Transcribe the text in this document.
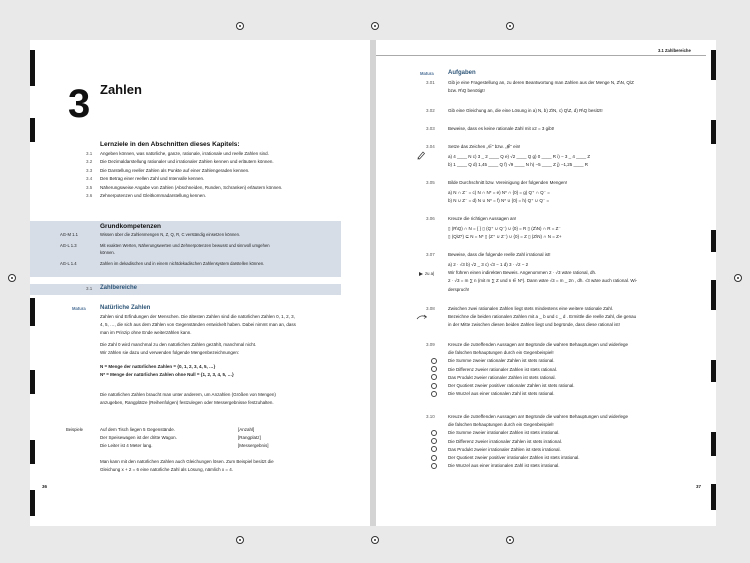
3 Zahlen
Lernziele in den Abschnitten dieses Kapitels:
3.1 Angeben können, was natürliche, ganze, rationale, irrationale und reelle Zahlen sind.
3.2 Die Dezimaldarstellung rationaler und irrationaler Zahlen kennen und erläutern können.
3.3 Die Darstellung reeller Zahlen als Punkte auf einer Zahlengeraden kennen.
3.4 Den Betrag einer reellen Zahl und Intervalle kennen.
3.5 Näherungsweise Angabe von Zahlen (Abschneiden, Runden, Schranken) erläutern können.
3.6 Zehnerpotenzen und Gleitkommadarstellung kennen.
Grundkompetenzen
AG-M 1.1	Wissen über die Zahlenmengen N, Z, Q, R, C verständig einsetzen können.
AG-L 1.3	Mit exakten Werten, Näherungswerten und Zehnerpotenzen bewusst und sinnvoll umgehen
können.
AG-L 1.4	Zahlen im dekadischen und in einem nichtdekadischen Zahlensystem darstellen können.
3.1 Zahlbereiche
Matura Natürliche Zahlen
Zahlen sind Erfindungen der Menschen. Die ältesten Zahlen sind die natürlichen Zahlen 0, 1, 2, 3,
4, 5, …, die sich aus dem Zählen von Gegenständen entwickelt haben. Dabei nimmt man an, dass
man im Prinzip ohne Ende weiterzählen kann.
Die Zahl 0 wird manchmal zu den natürlichen Zahlen gezählt, manchmal nicht.
Wir zählen sie dazu und verwenden folgende Mengenbezeichnungen:
N = Menge der natürlichen Zahlen = {0, 1, 2, 3, 4, 5, …}
N* = Menge der natürlichen Zahlen ohne Null = {1, 2, 3, 4, 5, …}
Die natürlichen Zahlen braucht man unter anderem, um Anzahlen (Größen von Mengen)
anzugeben, Rangplätze (Reihenfolgen) festzulegen oder Messergebnisse festzuhalten.
Beispiele	Auf dem Tisch liegen 5 Gegenstände.	[Anzahl]
Der Speisewagen ist der dritte Wagon.	[Rangplatz]
Die Leiter ist 4 Meter lang.	[Messergebnis]
Man kann mit den natürlichen Zahlen auch Gleichungen lösen. Zum Beispiel besitzt die
Gleichung x + 2 = 6 eine natürliche Zahl als Lösung, nämlich x = 4.
36
3.1 Zahlbereiche
Matura Aufgaben
3.01	Gib je eine Fragestellung an, zu deren Beantwortung man Zahlen aus der Menge N, Z\N, Q\Z
bzw. R\Q benötigt!
3.02	Gib eine Gleichung an, die eine Lösung in a) N, b) Z\N, c) Q\Z, d) R\Q besitzt!
3.03	Beweise, dass es keine rationale Zahl mit x2 = 3 gibt!
3.04	Setze das Zeichen „∈“ bzw. „∉“ ein!
a) 4 ____ N c) 3 _ 2 ____ Q e) √2 ____ Q g) 0 ____ R i) − 3 _ 4 ____ Z
b) 1 ____ Q d) 1,45 ____ Q f) √9 ____ N h) −5 ____ Z j) −1,25 ____ R
3.05	Bilde Durchschnitt bzw. Vereinigung der folgenden Mengen!
a) N ∩ Z⁻ = c) N ∩ N* = e) N* ∩ {0} = g) Q⁺ ∩ Q⁻ =
b) N ∪ Z⁻ = d) N ∪ N* = f) N* ∪ {0} = h) Q⁺ ∪ Q⁻ =
3.06	Kreuze die richtigen Aussagen an!
▯ (R\Q) ∩ N = { } ▯ (Q⁺ ∪ Q⁻) ∪ {0} = R ▯ (Z\N) ∩ R = Z⁻
▯ (Q\Z*) ⊆ N = N* ▯ (Z⁺ ∪ Z⁻) ∪ {0} = Z ▯ (Z\N) ∩ N = Z+
3.07	Beweise, dass die folgende reelle Zahl irrational ist!
a) 2 · √3 b) √2 _ 3 c) √3 − 1 d) 3 · √2 − 2
Wir führen einen indirekten Beweis. Angenommen 2 · √3 wäre rational, dh.
2 · √3 = m ∑ n (mit m ∑ Z und n ∈ N*). Dann wäre √3 = m _ 2n , dh. √3 wäre auch rational. Wi-
derspruch!
3.08	Zwischen zwei rationalen Zahlen liegt stets mindestens eine weitere rationale Zahl.
Bezeichne die beiden rationalen Zahlen mit a _ b und c _ d . Ermittle die reelle Zahl, die genau
in der Mitte zwischen diesen beiden Zahlen liegt und begründe, dass diese rational ist!
3.09	Kreuze die zutreffenden Aussagen an! Begründe die wahren Behauptungen und widerlege
die falschen Behauptungen durch ein Gegenbeispiel!
Die Summe zweier rationaler Zahlen ist stets rational.
Die Differenz zweier rationaler Zahlen ist stets rational.
Das Produkt zweier rationaler Zahlen ist stets rational.
Der Quotient zweier positiver rationaler Zahlen ist stets rational.
Die Wurzel aus einer rationalen Zahl ist stets rational.
3.10	Kreuze die zutreffenden Aussagen an! Begründe die wahren Behauptungen und widerlege
die falschen Behauptungen durch ein Gegenbeispiel!
Die Summe zweier irrationaler Zahlen ist stets irrational.
Die Differenz zweier irrationaler Zahlen ist stets irrational.
Das Produkt zweier irrationaler Zahlen ist stets irrational.
Der Quotient zweier positiver irrationaler Zahlen ist stets irrational.
Die Wurzel aus einer irrationalen Zahl ist stets irrational.
zu a)
37
